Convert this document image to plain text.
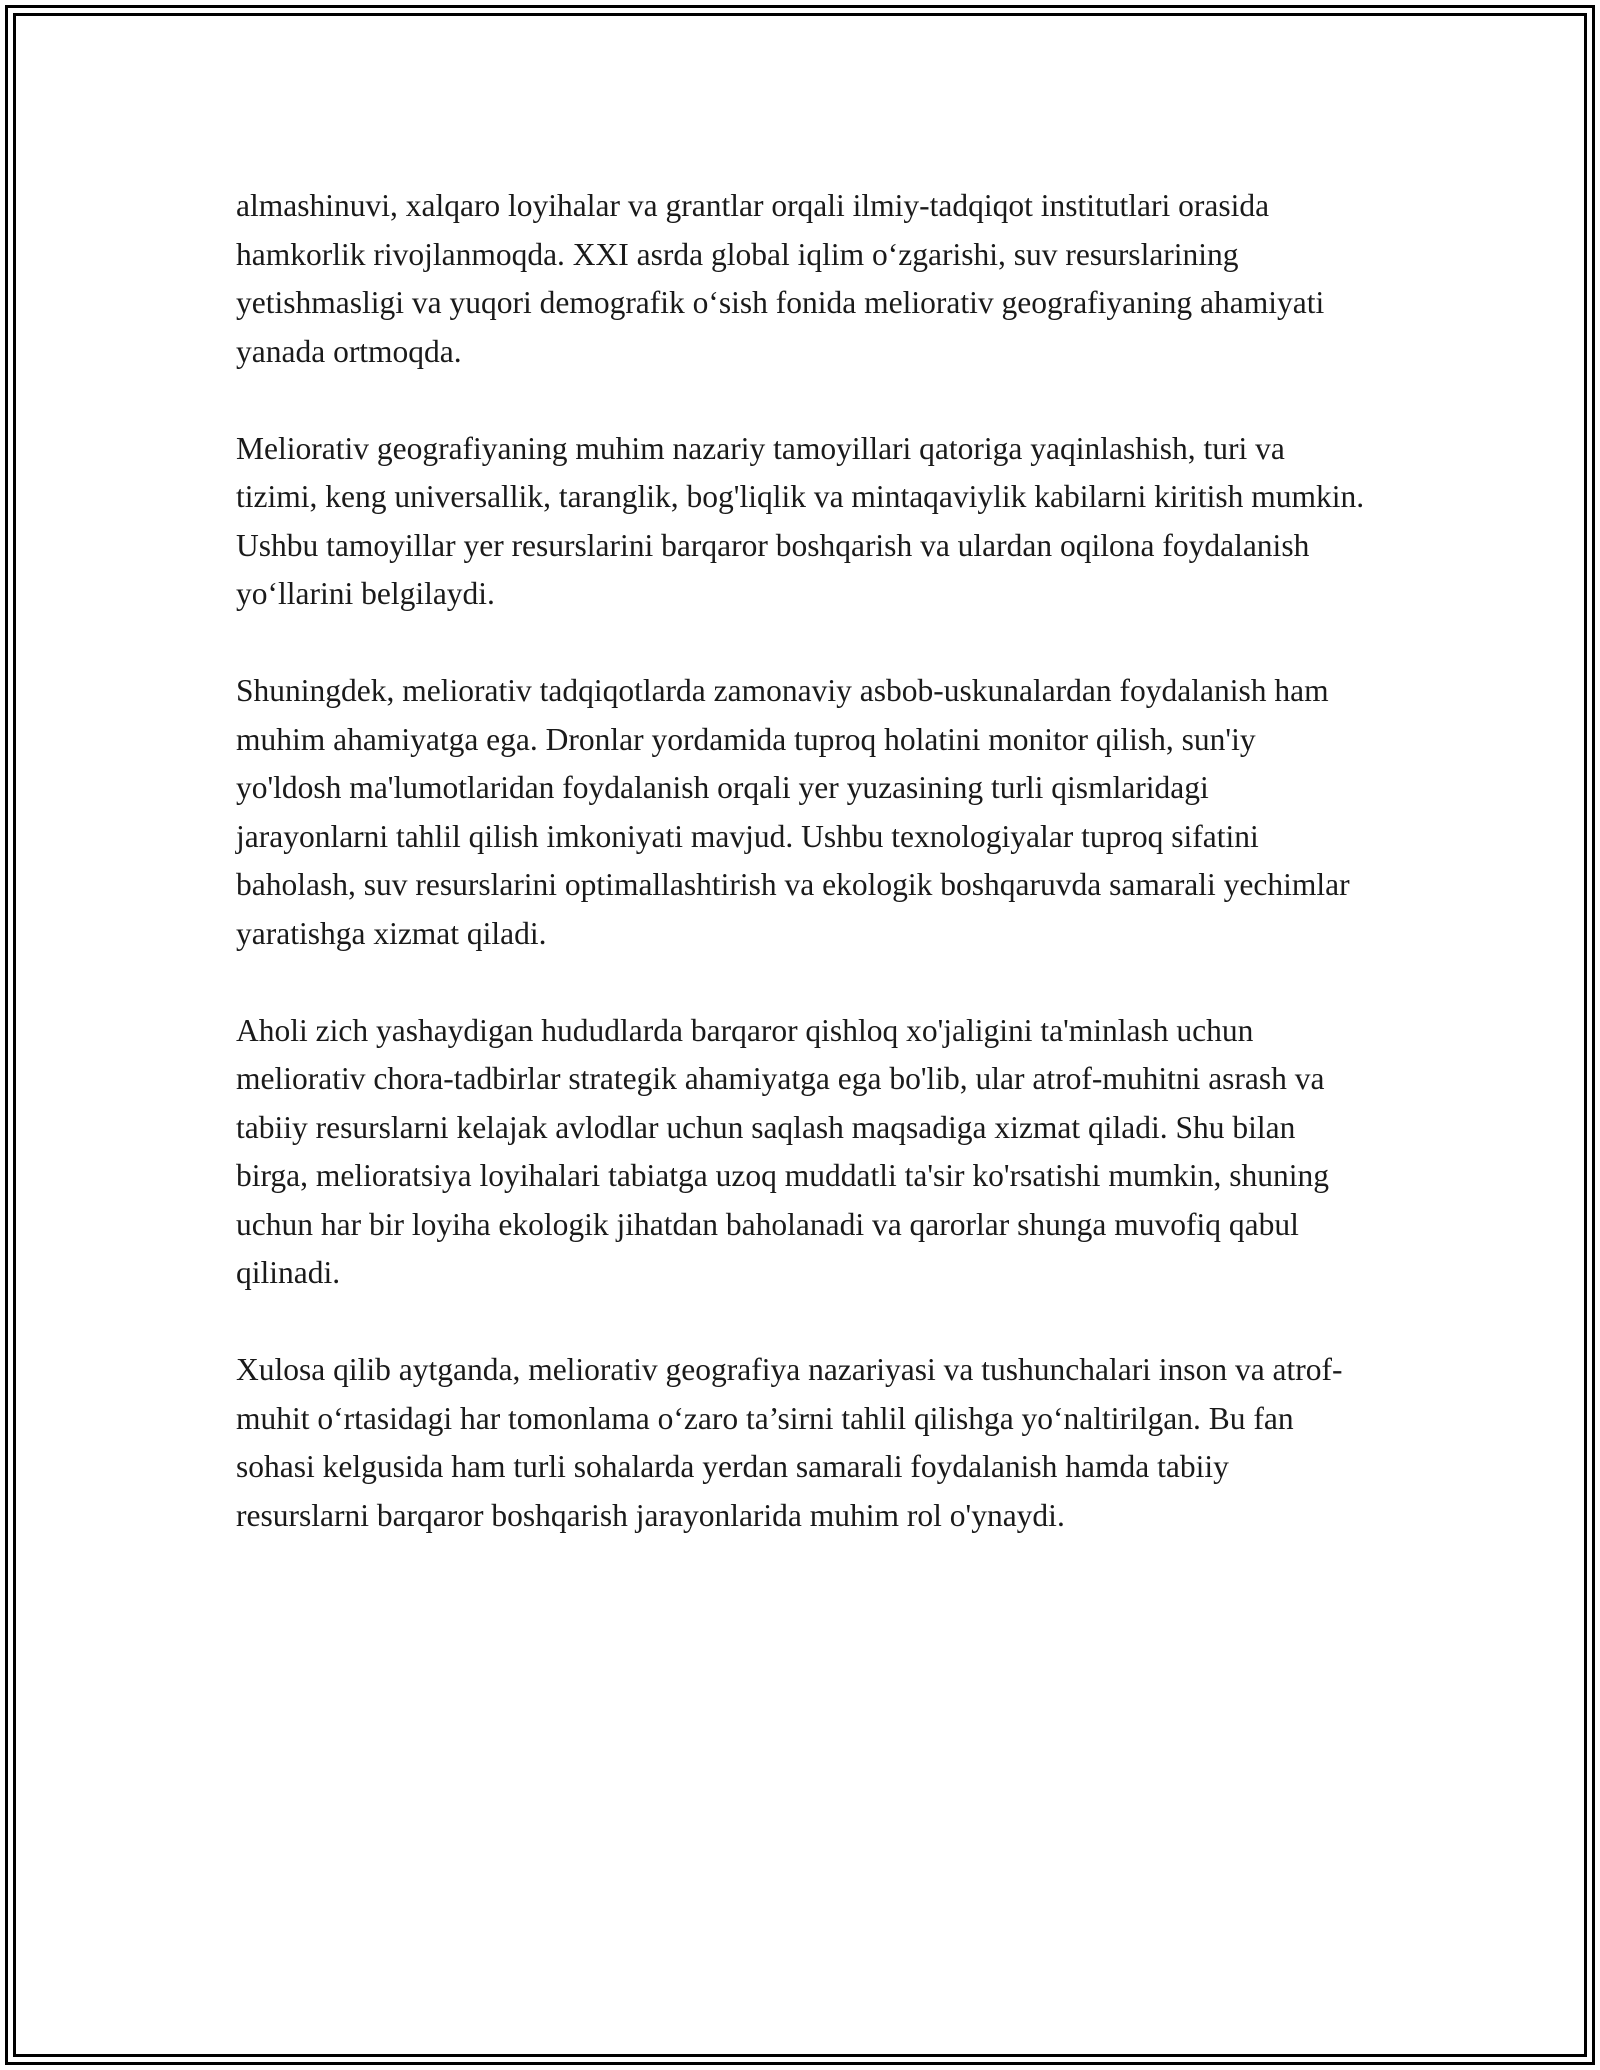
almashinuvi, xalqaro loyihalar va grantlar orqali ilmiy-tadqiqot institutlari orasida hamkorlik rivojlanmoqda. XXI asrda global iqlim o‘zgarishi, suv resurslarining yetishmasligi va yuqori demografik o‘sish fonida meliorativ geografiyaning ahamiyati yanada ortmoqda.

Meliorativ geografiyaning muhim nazariy tamoyillari qatoriga yaqinlashish, turi va tizimi, keng universallik, taranglik, bog'liqlik va mintaqaviylik kabilarni kiritish mumkin. Ushbu tamoyillar yer resurslarini barqaror boshqarish va ulardan oqilona foydalanish yo‘llarini belgilaydi.

Shuningdek, meliorativ tadqiqotlarda zamonaviy asbob-uskunalardan foydalanish ham muhim ahamiyatga ega. Dronlar yordamida tuproq holatini monitor qilish, sun'iy yo'ldosh ma'lumotlaridan foydalanish orqali yer yuzasining turli qismlaridagi jarayonlarni tahlil qilish imkoniyati mavjud. Ushbu texnologiyalar tuproq sifatini baholash, suv resurslarini optimallashtirish va ekologik boshqaruvda samarali yechimlar yaratishga xizmat qiladi.

Aholi zich yashaydigan hududlarda barqaror qishloq xo'jaligini ta'minlash uchun meliorativ chora-tadbirlar strategik ahamiyatga ega bo'lib, ular atrof-muhitni asrash va tabiiy resurslarni kelajak avlodlar uchun saqlash maqsadiga xizmat qiladi. Shu bilan birga, melioratsiya loyihalari tabiatga uzoq muddatli ta'sir ko'rsatishi mumkin, shuning uchun har bir loyiha ekologik jihatdan baholanadi va qarorlar shunga muvofiq qabul qilinadi.

Xulosa qilib aytganda, meliorativ geografiya nazariyasi va tushunchalari inson va atrof-muhit o‘rtasidagi har tomonlama o‘zaro ta’sirni tahlil qilishga yo‘naltirilgan. Bu fan sohasi kelgusida ham turli sohalarda yerdan samarali foydalanish hamda tabiiy resurslarni barqaror boshqarish jarayonlarida muhim rol o'ynaydi.
